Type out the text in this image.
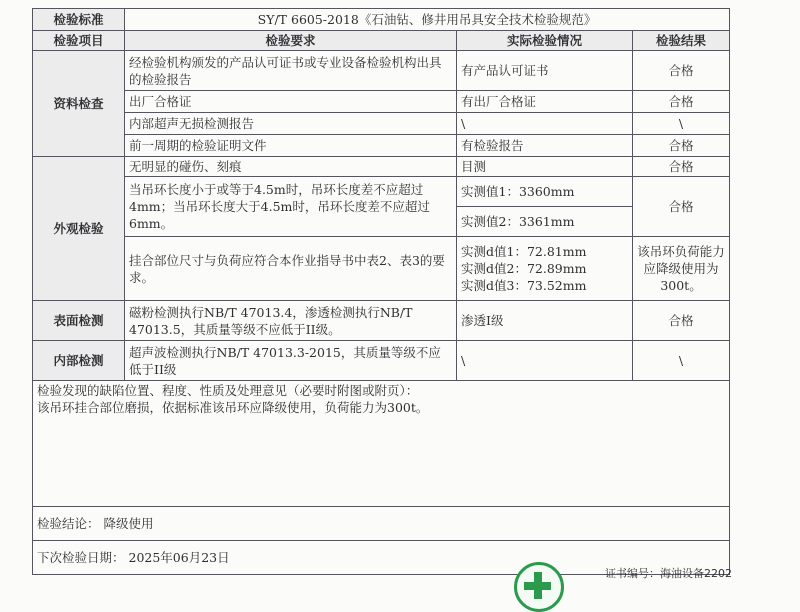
检验标准	SY/T 6605-2018《石油钻、修井用吊具安全技术检验规范》		
检验项目	检验要求	实际检验情况	检验结果
资料检查	经检验机构颁发的产品认可证书或专业设备检验机构出具的检验报告	有产品认可证书	合格
	出厂合格证	有出厂合格证	合格
	内部超声无损检测报告	\	\
	前一周期的检验证明文件	有检验报告	合格
外观检验	无明显的碰伤、刻痕	目测	合格
	当吊环长度小于或等于4.5m时，吊环长度差不应超过4mm；当吊环长度大于4.5m时，吊环长度差不应超过6mm。	实测值1：3360mm	合格
		实测值2：3361mm	
	挂合部位尺寸与负荷应符合本作业指导书中表2、表3的要求。	实测d值1：72.81mm
实测d值2：72.89mm
实测d值3：73.52mm	该吊环负荷能力应降级使用为300t。
表面检测	磁粉检测执行NB/T 47013.4，渗透检测执行NB/T 47013.5，其质量等级不应低于II级。	渗透I级	合格
内部检测	超声波检测执行NB/T 47013.3-2015，其质量等级不应低于II级	\	\

检验发现的缺陷位置、程度、性质及处理意见（必要时附图或附页）：
该吊环挂合部位磨损，依据标准该吊环应降级使用，负荷能力为300t。			

检验结论： 降级使用			
下次检验日期： 2025年06月23日			
证书编号：海油设备2202
